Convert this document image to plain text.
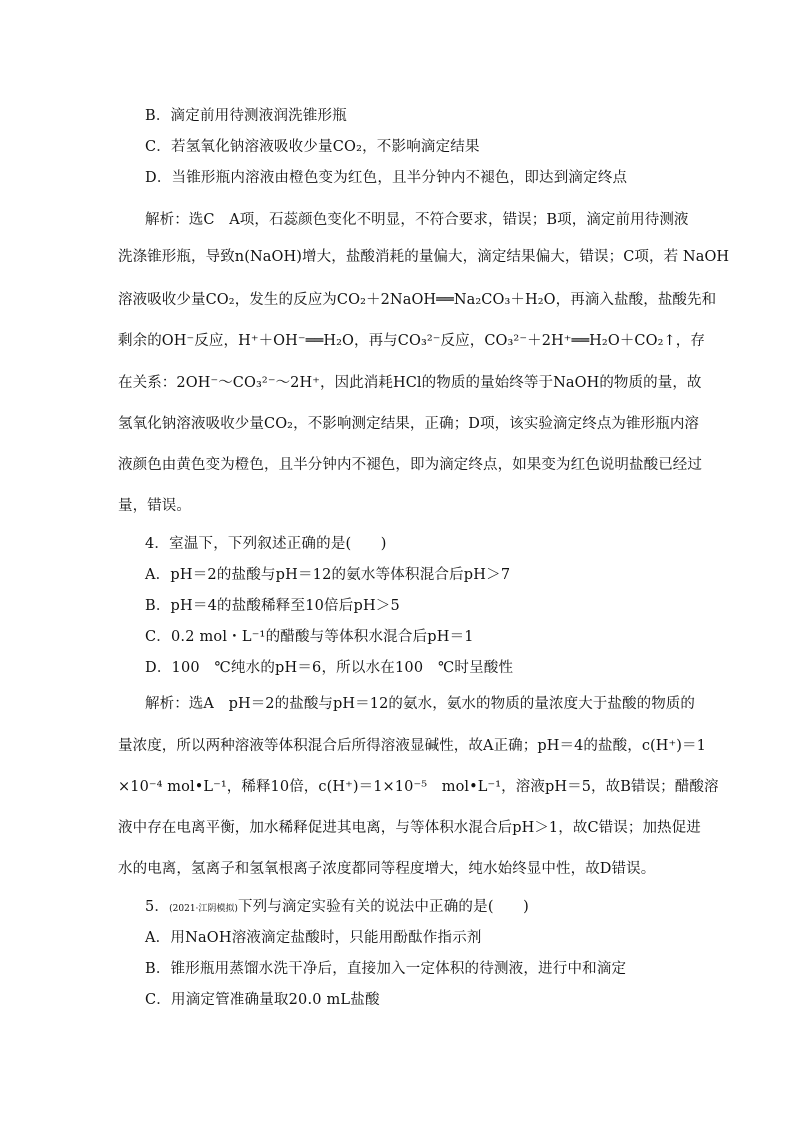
B．滴定前用待测液润洗锥形瓶
C．若氢氧化钠溶液吸收少量CO₂，不影响滴定结果
D．当锥形瓶内溶液由橙色变为红色，且半分钟内不褪色，即达到滴定终点
解析：选C　A项，石蕊颜色变化不明显，不符合要求，错误；B项，滴定前用待测液
洗涤锥形瓶，导致n(NaOH)增大，盐酸消耗的量偏大，滴定结果偏大，错误；C项，若 NaOH
溶液吸收少量CO₂，发生的反应为CO₂＋2NaOH══Na₂CO₃＋H₂O，再滴入盐酸，盐酸先和
剩余的OH⁻反应，H⁺＋OH⁻══H₂O，再与CO₃²⁻反应，CO₃²⁻＋2H⁺══H₂O＋CO₂↑，存
在关系：2OH⁻～CO₃²⁻～2H⁺，因此消耗HCl的物质的量始终等于NaOH的物质的量，故
氢氧化钠溶液吸收少量CO₂，不影响测定结果，正确；D项，该实验滴定终点为锥形瓶内溶
液颜色由黄色变为橙色，且半分钟内不褪色，即为滴定终点，如果变为红色说明盐酸已经过
量，错误。
4．室温下，下列叙述正确的是(　　)
A．pH＝2的盐酸与pH＝12的氨水等体积混合后pH＞7
B．pH＝4的盐酸稀释至10倍后pH＞5
C．0.2 mol・L⁻¹的醋酸与等体积水混合后pH＝1
D．100　℃纯水的pH＝6，所以水在100　℃时呈酸性
解析：选A　pH＝2的盐酸与pH＝12的氨水，氨水的物质的量浓度大于盐酸的物质的
量浓度，所以两种溶液等体积混合后所得溶液显碱性，故A正确；pH＝4的盐酸，c(H⁺)＝1
×10⁻⁴ mol•L⁻¹，稀释10倍，c(H⁺)＝1×10⁻⁵　mol•L⁻¹，溶液pH＝5，故B错误；醋酸溶
液中存在电离平衡，加水稀释促进其电离，与等体积水混合后pH＞1，故C错误；加热促进
水的电离，氢离子和氢氧根离子浓度都同等程度增大，纯水始终显中性，故D错误。
5．(2021·江阴模拟)下列与滴定实验有关的说法中正确的是(　　)
A．用NaOH溶液滴定盐酸时，只能用酚酞作指示剂
B．锥形瓶用蒸馏水洗干净后，直接加入一定体积的待测液，进行中和滴定
C．用滴定管准确量取20.0 mL盐酸
